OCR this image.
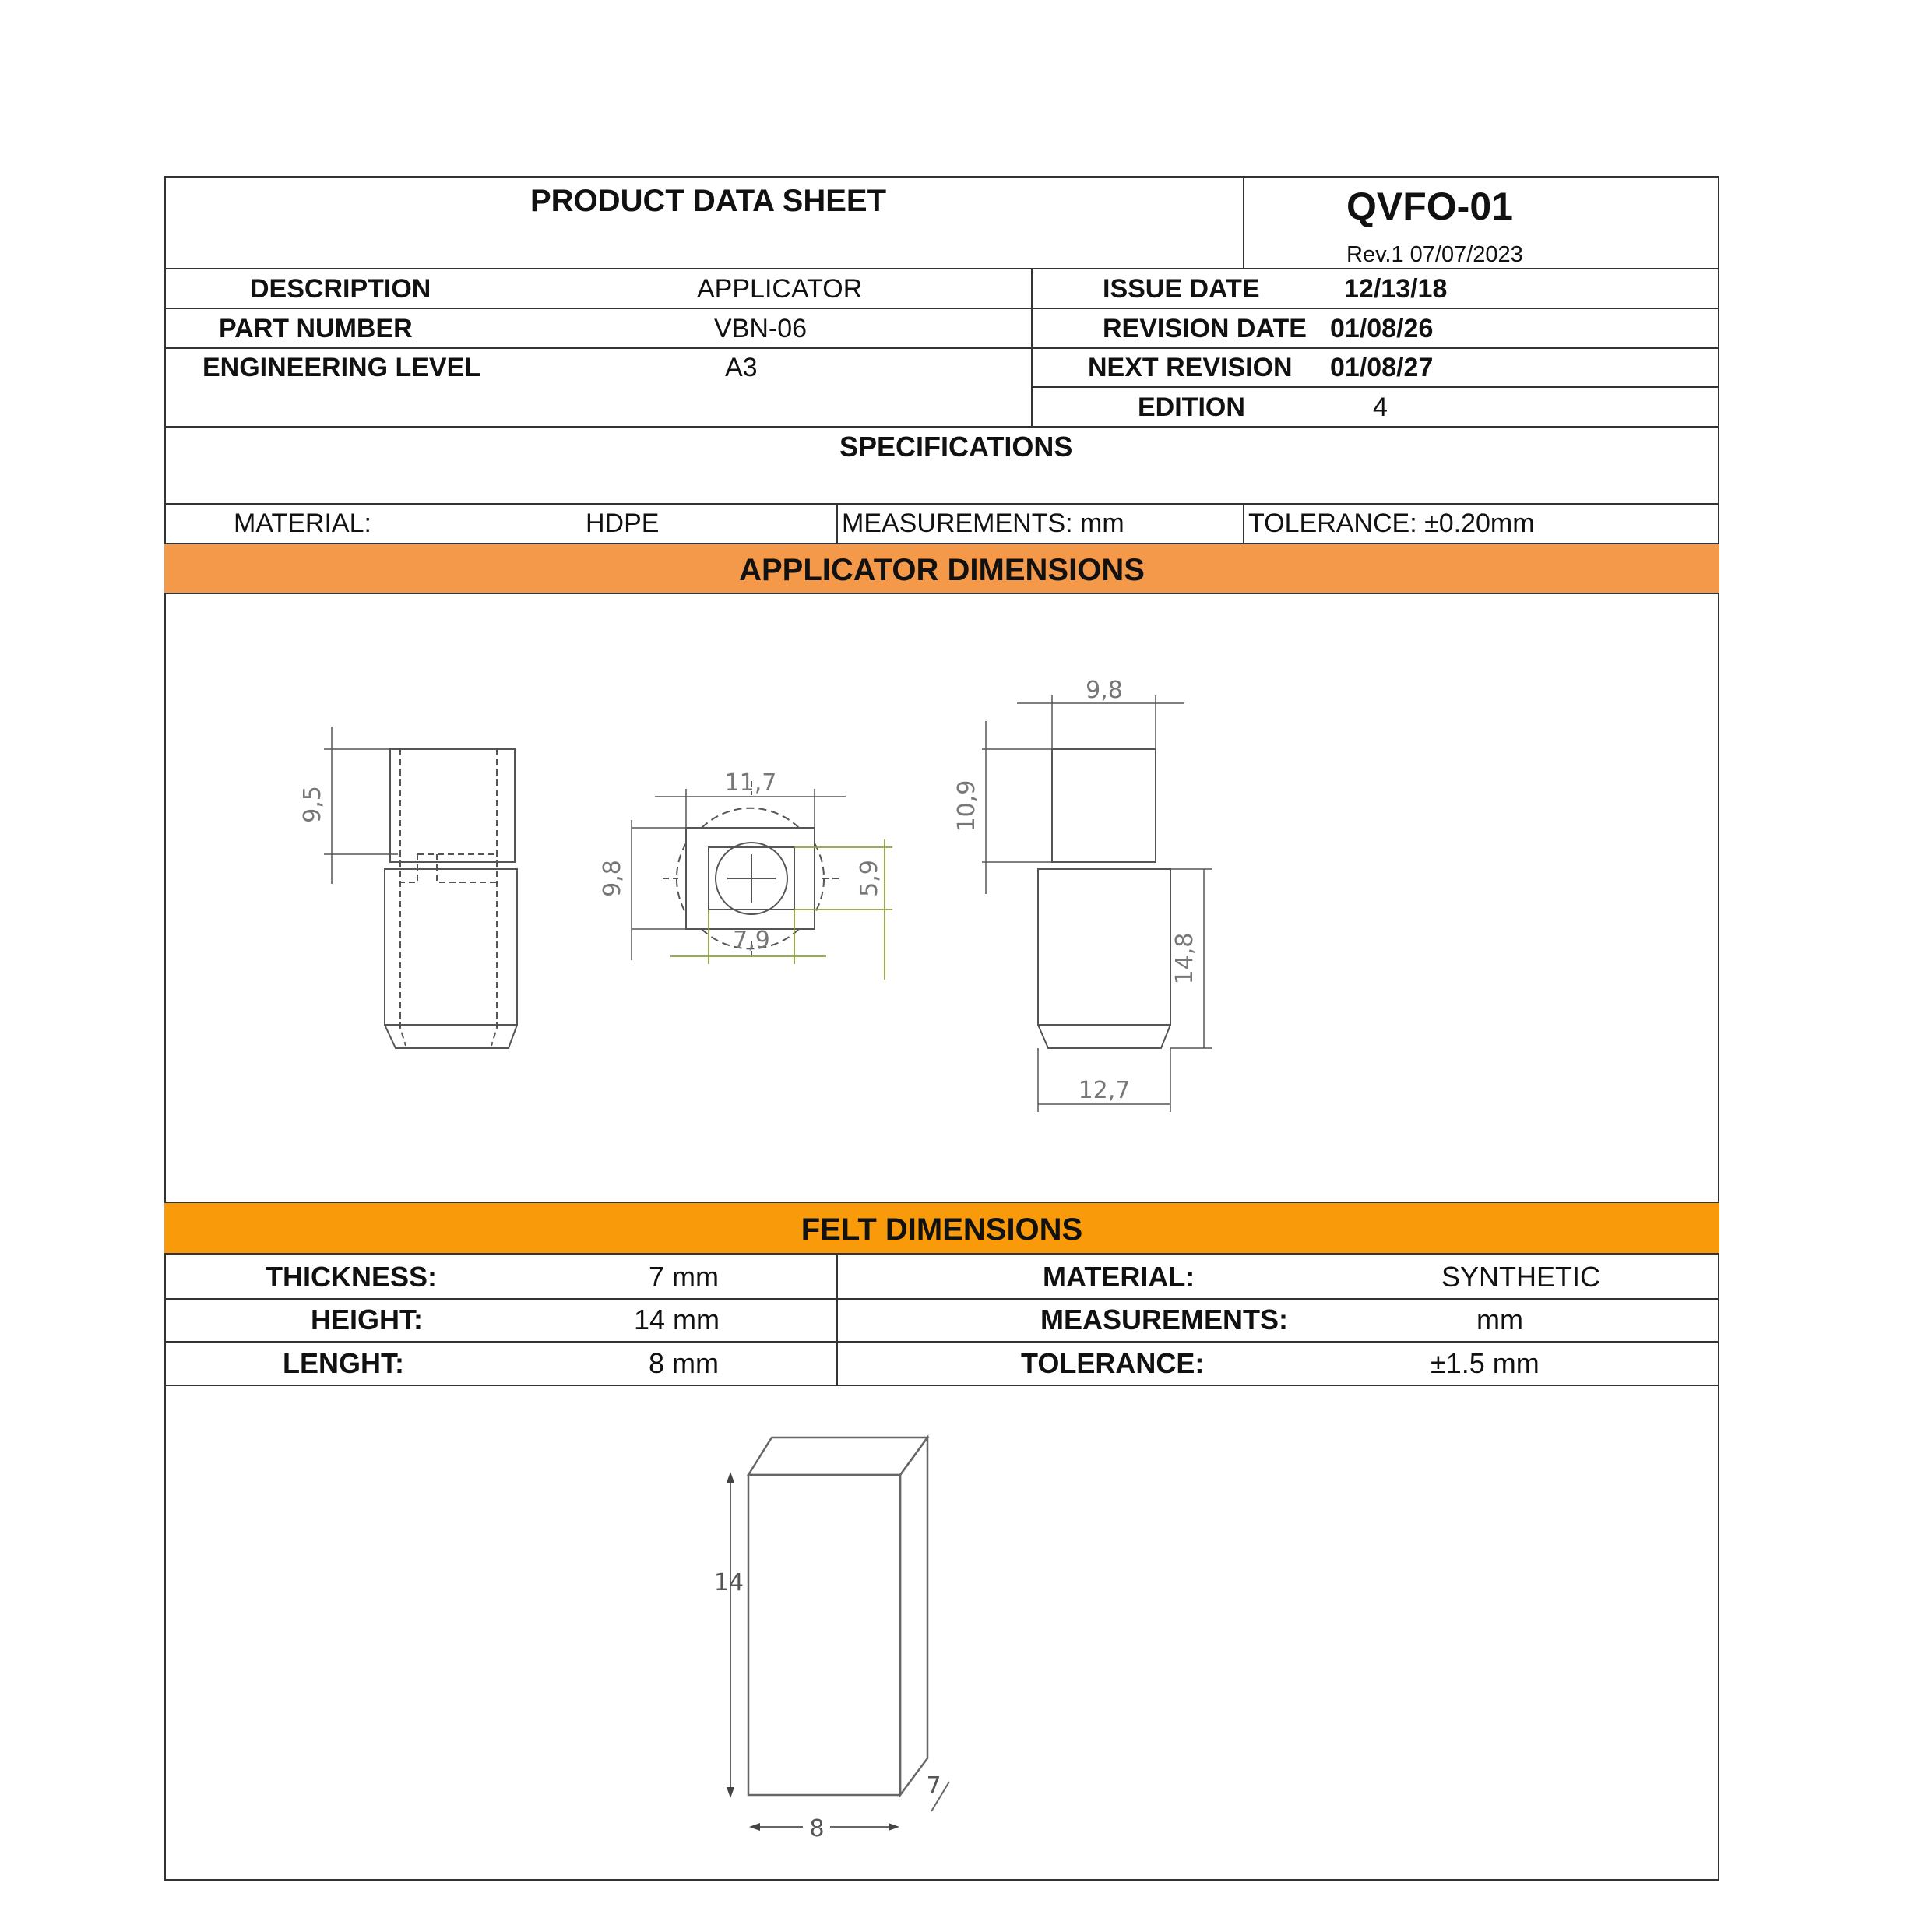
PRODUCT DATA SHEET	QVFO-01
Rev.1 07/07/2023
DESCRIPTION	APPLICATOR	ISSUE DATE	12/13/18
PART NUMBER	VBN-06	REVISION DATE 01/08/26
ENGINEERING LEVEL	A3	NEXT REVISION 01/08/27
EDITION	4
SPECIFICATIONS
MATERIAL:	HDPE	MEASUREMENTS: mm	TOLERANCE: ±0.20mm
APPLICATOR DIMENSIONS
9,5
11,7
9,8	5,9
7,9
9,8
10,9
14,8
12,7
FELT DIMENSIONS
THICKNESS:	7 mm	MATERIAL:	SYNTHETIC
HEIGHT:	14 mm	MEASUREMENTS:	mm
LENGHT:	8 mm	TOLERANCE:	±1.5 mm
14
7
8
